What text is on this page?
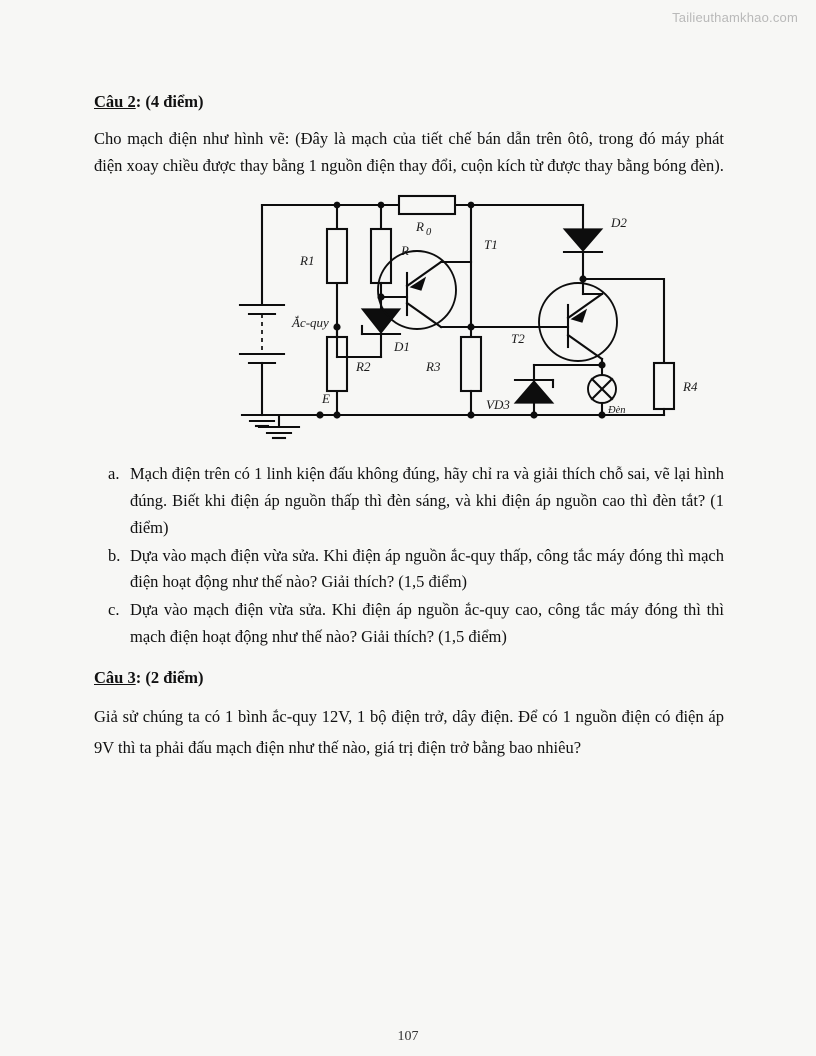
Tailieuthamkhao.com

Câu 2: (4 điểm)

Cho mạch điện như hình vẽ: (Đây là mạch của tiết chế bán dẫn trên ôtô, trong đó máy phát điện xoay chiều được thay bằng 1 nguồn điện thay đổi, cuộn kích từ được thay bằng bóng đèn).

Ắc-quy
R1
R2
R
D1
R 0
T1
R3
D2
T2
VD3	Đèn
R4
E
a. Mạch điện trên có 1 linh kiện đấu không đúng, hãy chỉ ra và giải thích chỗ sai, vẽ lại hình đúng. Biết khi điện áp nguồn thấp thì đèn sáng, và khi điện áp nguồn cao thì đèn tắt? (1 điểm)
b. Dựa vào mạch điện vừa sửa. Khi điện áp nguồn ắc-quy thấp, công tắc máy đóng thì mạch điện hoạt động như thế nào? Giải thích? (1,5 điểm)
c. Dựa vào mạch điện vừa sửa. Khi điện áp nguồn ắc-quy cao, công tắc máy đóng thì thì mạch điện hoạt động như thế nào? Giải thích? (1,5 điểm)

Câu 3: (2 điểm)

Giả sử chúng ta có 1 bình ắc-quy 12V, 1 bộ điện trở, dây điện. Để có 1 nguồn điện có điện áp 9V thì ta phải đấu mạch điện như thế nào, giá trị điện trở bằng bao nhiêu?

107
